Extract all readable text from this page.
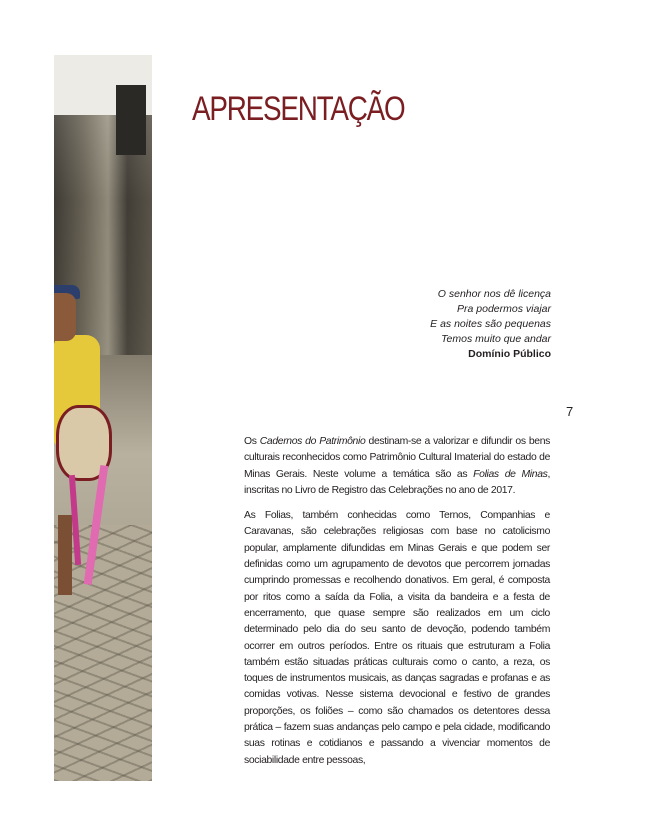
APRESENTAÇÃO
O senhor nos dê licença
Pra podermos viajar
E as noites são pequenas
Temos muito que andar
Domínio Público
7

Os Cadernos do Patrimônio destinam-se a valorizar e difundir os bens culturais reconhecidos como Patrimônio Cultural Imaterial do estado de Minas Gerais. Neste volume a temática são as Folias de Minas, inscritas no Livro de Registro das Celebrações no ano de 2017.

As Folias, também conhecidas como Ternos, Companhias e Caravanas, são celebrações religiosas com base no catolicismo popular, amplamente difundidas em Minas Gerais e que podem ser definidas como um agrupamento de devotos que percorrem jornadas cumprindo promessas e recolhendo donativos. Em geral, é composta por ritos como a saída da Folia, a visita da bandeira e a festa de encerramento, que quase sempre são realizados em um ciclo determinado pelo dia do seu santo de devoção, podendo também ocorrer em outros períodos. Entre os rituais que estruturam a Folia também estão situadas práticas culturais como o canto, a reza, os toques de instrumentos musicais, as danças sagradas e profanas e as comidas votivas. Nesse sistema devocional e festivo de grandes proporções, os foliões – como são chamados os detentores dessa prática – fazem suas andanças pelo campo e pela cidade, modificando suas rotinas e cotidianos e passando a vivenciar momentos de sociabilidade entre pessoas,
